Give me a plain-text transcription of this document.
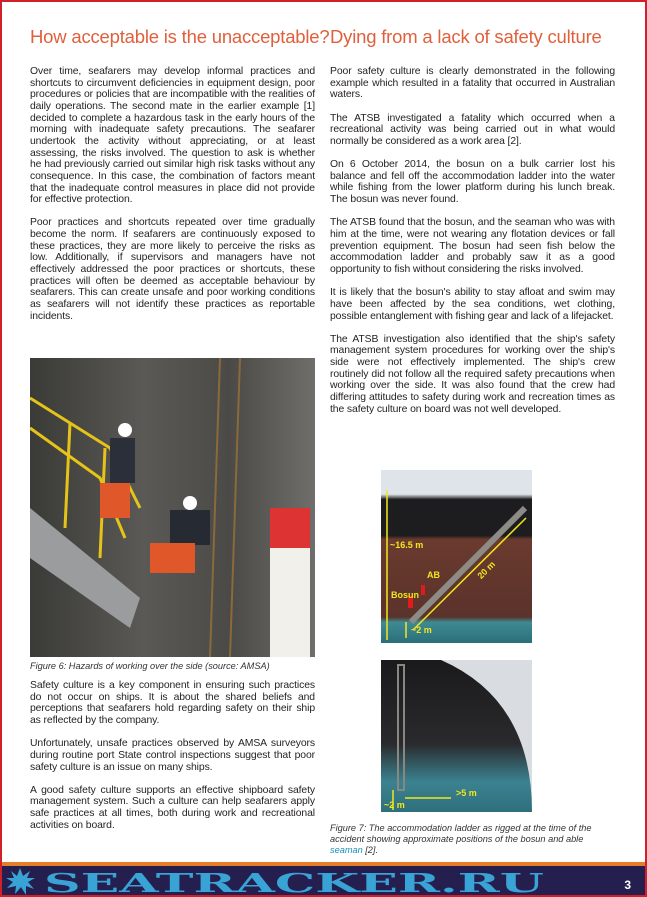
How acceptable is the unacceptable? Dying from a lack of safety culture

Over time, seafarers may develop informal practices and shortcuts to circumvent deficiencies in equipment design, poor procedures or policies that are incompatible with the realities of daily operations. The second mate in the earlier example [1] decided to complete a hazardous task in the early hours of the morning with inadequate safety precautions. The seafarer undertook the activity without appreciating, or at least assessing, the risks involved. The question to ask is whether he had previously carried out similar high risk tasks without any consequence. In this case, the combination of factors meant that the inadequate control measures in place did not provide for effective protection.

Poor practices and shortcuts repeated over time gradually become the norm. If seafarers are continuously exposed to these practices, they are more likely to perceive the risks as low. Additionally, if supervisors and managers have not effectively addressed the poor practices or shortcuts, these practices will often be deemed as acceptable behaviour by seafarers. This can create unsafe and poor working conditions as seafarers will not identify these practices as reportable incidents.

Figure 6: Hazards of working over the side (source: AMSA)

Safety culture is a key component in ensuring such practices do not occur on ships. It is about the shared beliefs and perceptions that seafarers hold regarding safety on their ship as reflected by the company.

Unfortunately, unsafe practices observed by AMSA surveyors during routine port State control inspections suggest that poor safety culture is an issue on many ships.

A good safety culture supports an effective shipboard safety management system. Such a culture can help seafarers apply safe practices at all times, both during work and recreational activities on board.

Poor safety culture is clearly demonstrated in the following example which resulted in a fatality that occurred in Australian waters.

The ATSB investigated a fatality which occurred when a recreational activity was being carried out in what would normally be considered as a work area [2].

On 6 October 2014, the bosun on a bulk carrier lost his balance and fell off the accommodation ladder into the water while fishing from the lower platform during his lunch break. The bosun was never found.

The ATSB found that the bosun, and the seaman who was with him at the time, were not wearing any flotation devices or fall prevention equipment. The bosun had seen fish below the accommodation ladder and probably saw it as a good opportunity to fish without considering the risks involved.

It is likely that the bosun's ability to stay afloat and swim may have been affected by the sea conditions, wet clothing, possible entanglement with fishing gear and lack of a lifejacket.

The ATSB investigation also identified that the ship's safety management system procedures for working over the ship's side were not effectively implemented. The ship's crew routinely did not follow all the required safety precautions when working over the side. It was also found that the crew had differing attitudes to safety during work and recreation times as the safety culture on board was not well developed.

~16.5 m
20 m
AB
Bosun
~2 m
~2 m
>5 m
Figure 7: The accommodation ladder as rigged at the time of the accident showing approximate positions of the bosun and able seaman [2].
3
SEATRACKER.RU
